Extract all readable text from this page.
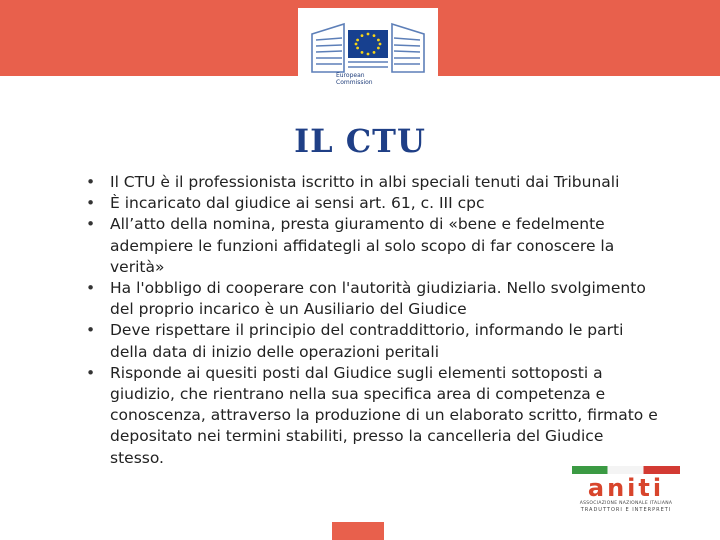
European
Commission
IL CTU
• Il CTU è il professionista iscritto in albi speciali tenuti dai Tribunali
• È incaricato dal giudice ai sensi art. 61, c. III cpc
• All’atto della nomina, presta giuramento di «bene e fedelmente adempiere le funzioni affidategli al solo scopo di far conoscere la verità»
• Ha l'obbligo di cooperare con l'autorità giudiziaria. Nello svolgimento del proprio incarico è un Ausiliario del Giudice
• Deve rispettare il principio del contraddittorio, informando le parti della data di inizio delle operazioni peritali
• Risponde ai quesiti posti dal Giudice sugli elementi sottoposti a giudizio, che rientrano nella sua specifica area di competenza e conoscenza, attraverso la produzione di un elaborato scritto, firmato e depositato nei termini stabiliti, presso la cancelleria del Giudice stesso.
aniti
ASSOCIAZIONE NAZIONALE ITALIANA
TRADUTTORI E INTERPRETI
